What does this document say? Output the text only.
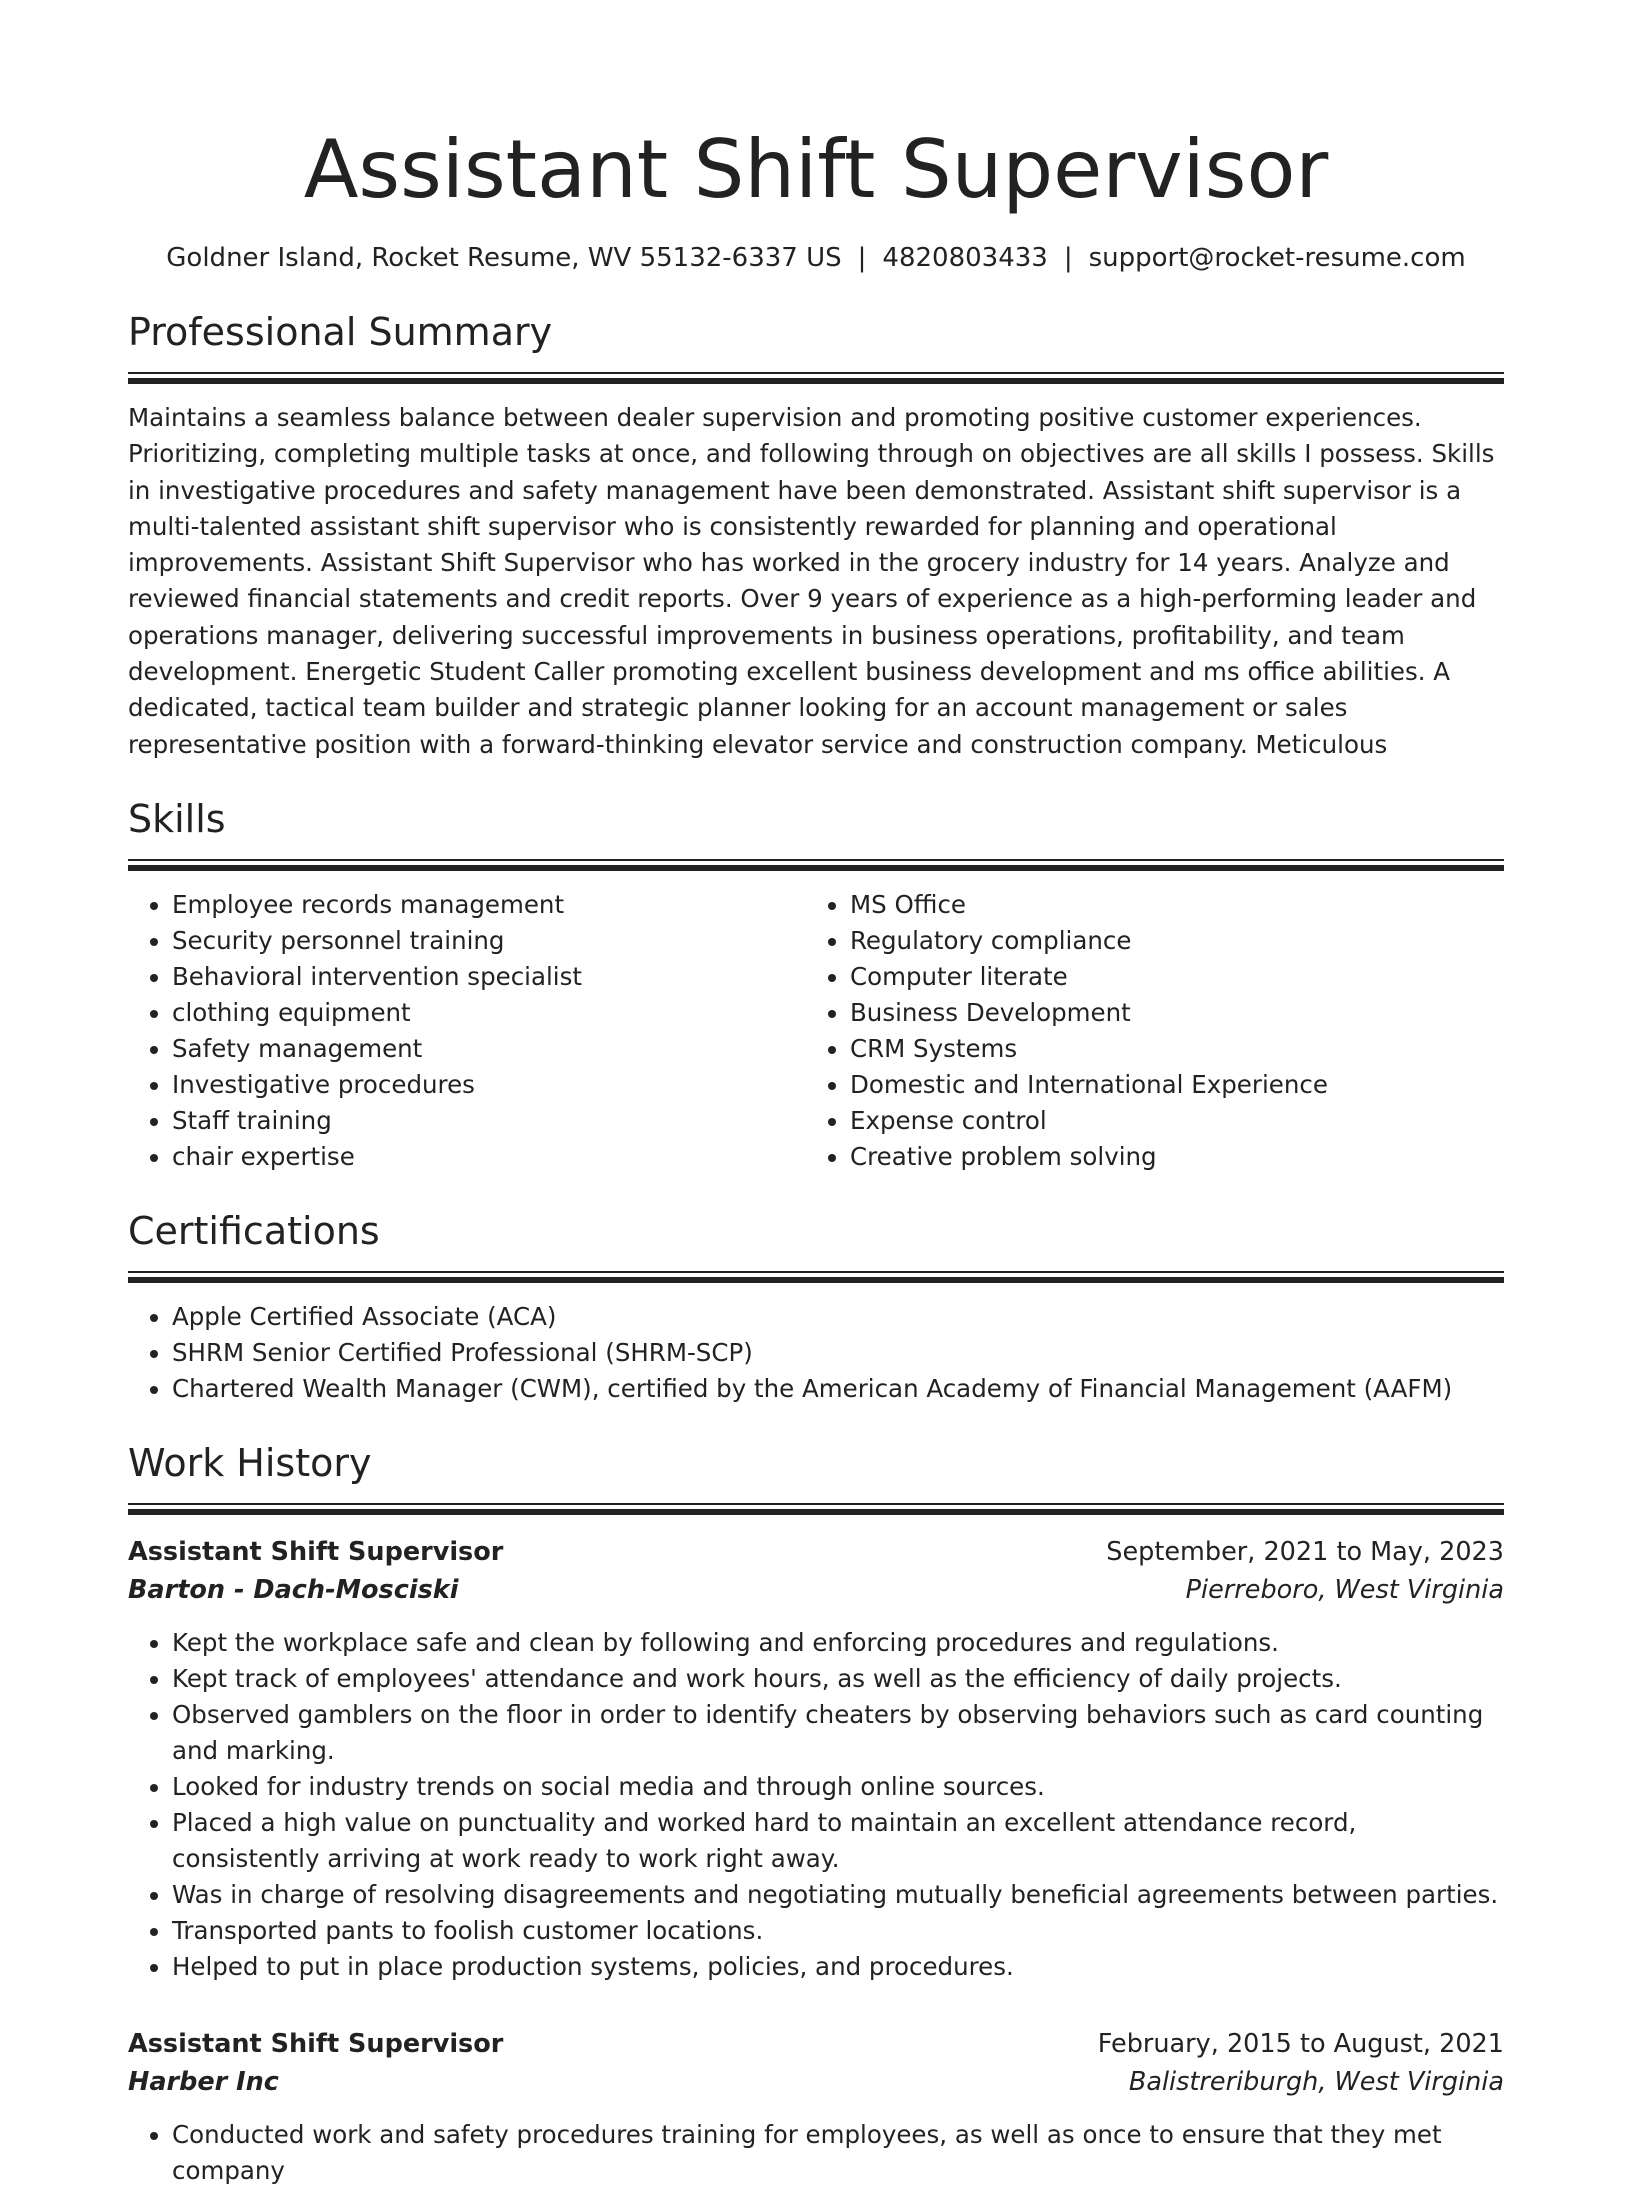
Assistant Shift Supervisor
Goldner Island, Rocket Resume, WV 55132-6337 US | 4820803433 | support@rocket-resume.com
Professional Summary
Maintains a seamless balance between dealer supervision and promoting positive customer experiences. Prioritizing, completing multiple tasks at once, and following through on objectives are all skills I possess. Skills in investigative procedures and safety management have been demonstrated. Assistant shift supervisor is a multi-talented assistant shift supervisor who is consistently rewarded for planning and operational improvements. Assistant Shift Supervisor who has worked in the grocery industry for 14 years. Analyze and reviewed financial statements and credit reports. Over 9 years of experience as a high-performing leader and operations manager, delivering successful improvements in business operations, profitability, and team development. Energetic Student Caller promoting excellent business development and ms office abilities. A dedicated, tactical team builder and strategic planner looking for an account management or sales representative position with a forward-thinking elevator service and construction company. Meticulous
Skills
• Employee records management
• Security personnel training
• Behavioral intervention specialist
• clothing equipment
• Safety management
• Investigative procedures
• Staff training
• chair expertise
• MS Office
• Regulatory compliance
• Computer literate
• Business Development
• CRM Systems
• Domestic and International Experience
• Expense control
• Creative problem solving
Certifications
• Apple Certified Associate (ACA)
• SHRM Senior Certified Professional (SHRM-SCP)
• Chartered Wealth Manager (CWM), certified by the American Academy of Financial Management (AAFM)
Work History
Assistant Shift Supervisor	September, 2021 to May, 2023
Barton - Dach-Mosciski	Pierreboro, West Virginia
• Kept the workplace safe and clean by following and enforcing procedures and regulations.
• Kept track of employees' attendance and work hours, as well as the efficiency of daily projects.
• Observed gamblers on the floor in order to identify cheaters by observing behaviors such as card counting and marking.
• Looked for industry trends on social media and through online sources.
• Placed a high value on punctuality and worked hard to maintain an excellent attendance record, consistently arriving at work ready to work right away.
• Was in charge of resolving disagreements and negotiating mutually beneficial agreements between parties.
• Transported pants to foolish customer locations.
• Helped to put in place production systems, policies, and procedures.
Assistant Shift Supervisor	February, 2015 to August, 2021
Harber Inc	Balistreriburgh, West Virginia
• Conducted work and safety procedures training for employees, as well as once to ensure that they met company
